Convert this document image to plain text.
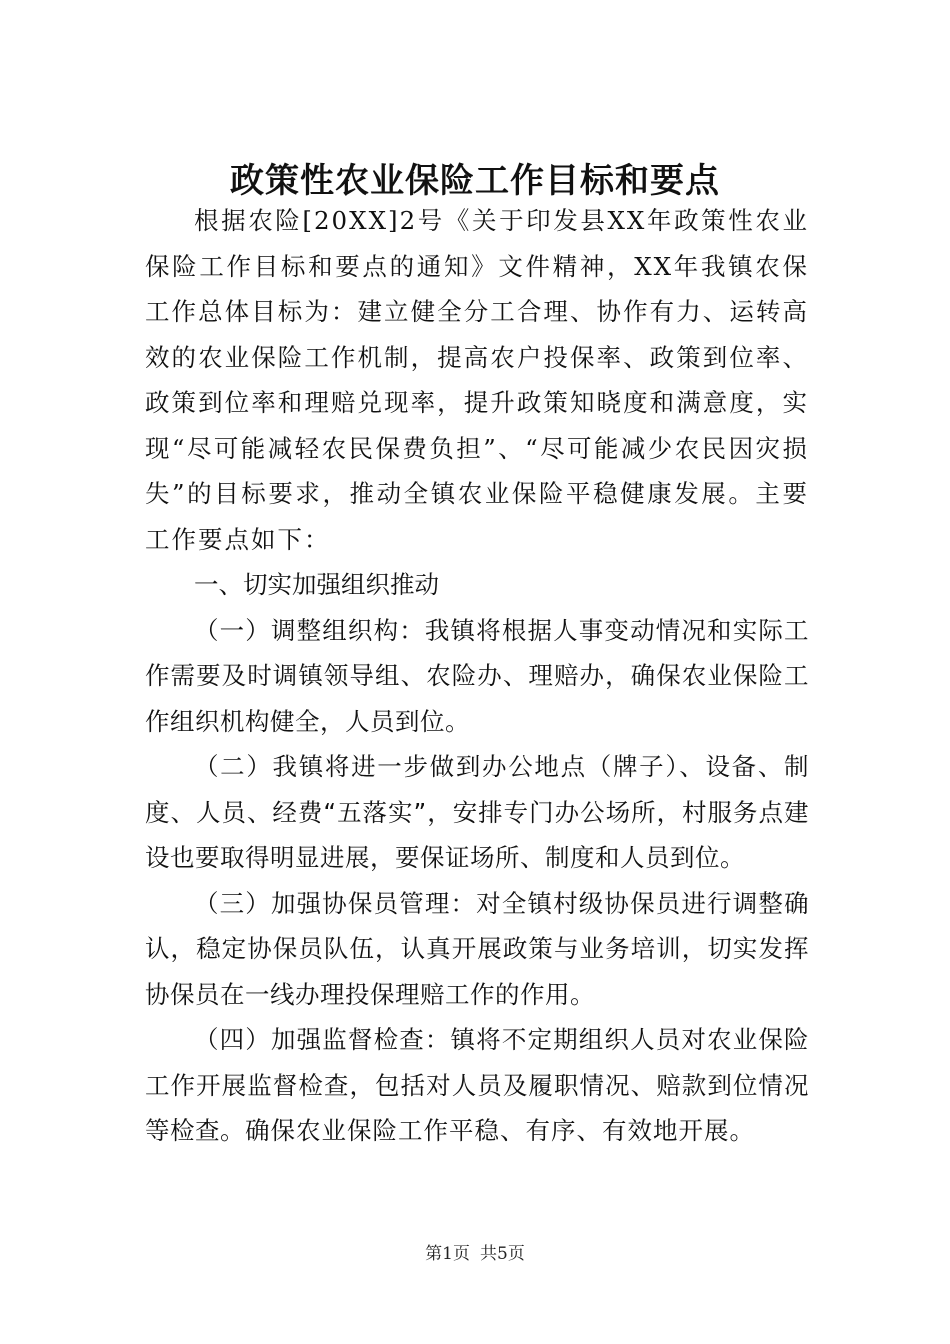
政策性农业保险工作目标和要点

根据农险[20XX]2号《关于印发县XX年政策性农业保险工作目标和要点的通知》文件精神，XX年我镇农保工作总体目标为：建立健全分工合理、协作有力、运转高效的农业保险工作机制，提高农户投保率、政策到位率、政策到位率和理赔兑现率，提升政策知晓度和满意度，实现“尽可能减轻农民保费负担”、“尽可能减少农民因灾损失”的目标要求，推动全镇农业保险平稳健康发展。主要工作要点如下：

一、切实加强组织推动

（一）调整组织构：我镇将根据人事变动情况和实际工作需要及时调镇领导组、农险办、理赔办，确保农业保险工作组织机构健全，人员到位。

（二）我镇将进一步做到办公地点（牌子）、设备、制度、人员、经费“五落实”，安排专门办公场所，村服务点建设也要取得明显进展，要保证场所、制度和人员到位。

（三）加强协保员管理：对全镇村级协保员进行调整确认，稳定协保员队伍，认真开展政策与业务培训，切实发挥协保员在一线办理投保理赔工作的作用。

（四）加强监督检查：镇将不定期组织人员对农业保险工作开展监督检查，包括对人员及履职情况、赔款到位情况等检查。确保农业保险工作平稳、有序、有效地开展。

第1页 共5页
